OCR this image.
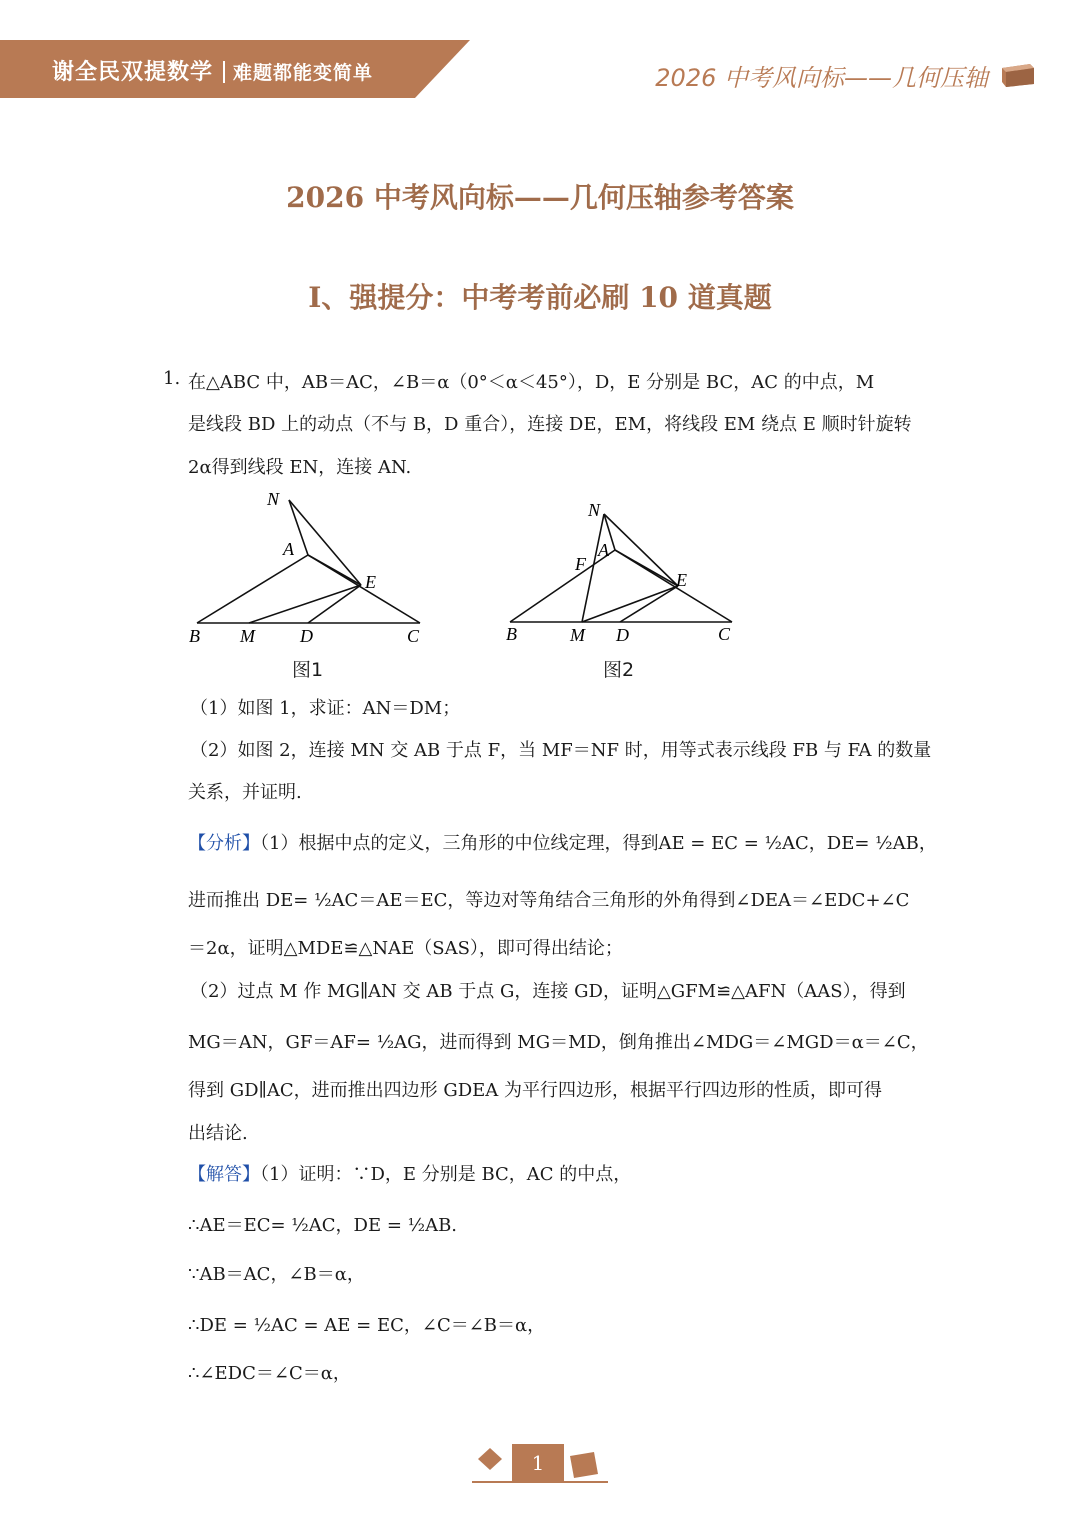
谢全民双提数学 难题都能变简单	2026 中考风向标——几何压轴
2026 中考风向标——几何压轴参考答案
Ⅰ、强提分：中考考前必刷 10 道真题
1. 在△ABC 中，AB＝AC，∠B＝α（0°＜α＜45°），D，E 分别是 BC，AC 的中点，M
是线段 BD 上的动点（不与 B，D 重合），连接 DE，EM，将线段 EM 绕点 E 顺时针旋转
2α得到线段 EN，连接 AN.
N
A
E
B M	D	C
图1
N
A
F
E
B	M D	C
图2
（1）如图 1，求证：AN＝DM；
（2）如图 2，连接 MN 交 AB 于点 F，当 MF＝NF 时，用等式表示线段 FB 与 FA 的数量
关系，并证明.
【分析】（1）根据中点的定义，三角形的中位线定理，得到AE = EC = ½AC，DE= ½AB，
进而推出 DE= ½AC＝AE＝EC，等边对等角结合三角形的外角得到∠DEA＝∠EDC+∠C
＝2α，证明△MDE≌△NAE（SAS），即可得出结论；
（2）过点 M 作 MG∥AN 交 AB 于点 G，连接 GD，证明△GFM≌△AFN（AAS），得到
MG＝AN，GF＝AF= ½AG，进而得到 MG＝MD，倒角推出∠MDG＝∠MGD＝α＝∠C，
得到 GD∥AC，进而推出四边形 GDEA 为平行四边形，根据平行四边形的性质，即可得
出结论.
【解答】（1）证明：∵D，E 分别是 BC，AC 的中点，
∴AE＝EC= ½AC，DE = ½AB.
∵AB＝AC，∠B＝α，
∴DE = ½AC = AE = EC，∠C＝∠B＝α，
∴∠EDC＝∠C＝α，
1
